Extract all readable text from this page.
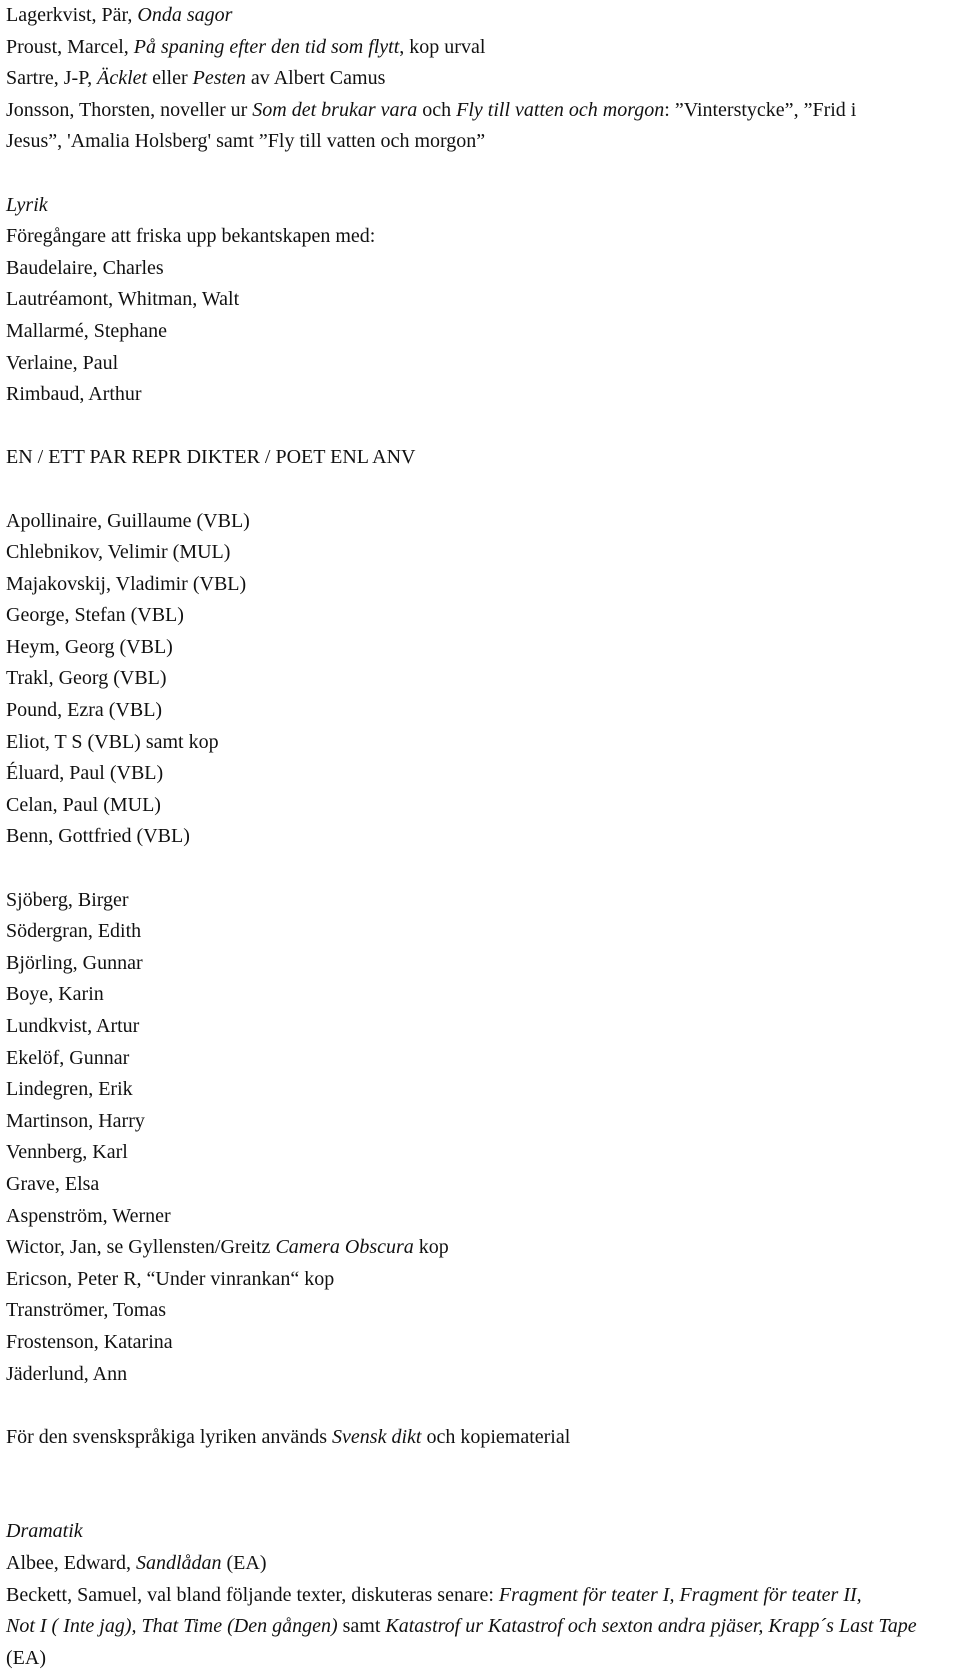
Lagerkvist, Pär, Onda sagor
Proust, Marcel, På spaning efter den tid som flytt, kop urval
Sartre, J-P, Äcklet eller Pesten av Albert Camus
Jonsson, Thorsten, noveller ur Som det brukar vara och Fly till vatten och morgon: ”Vinterstycke”, ”Frid i
Jesus”, 'Amalia Holsberg' samt ”Fly till vatten och morgon”
Lyrik
Föregångare att friska upp bekantskapen med:
Baudelaire, Charles
Lautréamont, Whitman, Walt
Mallarmé, Stephane
Verlaine, Paul
Rimbaud, Arthur
EN / ETT PAR REPR DIKTER / POET ENL ANV
Apollinaire, Guillaume (VBL)
Chlebnikov, Velimir (MUL)
Majakovskij, Vladimir (VBL)
George, Stefan (VBL)
Heym, Georg (VBL)
Trakl, Georg (VBL)
Pound, Ezra (VBL)
Eliot, T S (VBL) samt kop
Éluard, Paul (VBL)
Celan, Paul (MUL)
Benn, Gottfried (VBL)
Sjöberg, Birger
Södergran, Edith
Björling, Gunnar
Boye, Karin
Lundkvist, Artur
Ekelöf, Gunnar
Lindegren, Erik
Martinson, Harry
Vennberg, Karl
Grave, Elsa
Aspenström, Werner
Wictor, Jan, se Gyllensten/Greitz Camera Obscura kop
Ericson, Peter R, “Under vinrankan“ kop
Tranströmer, Tomas
Frostenson, Katarina
Jäderlund, Ann
För den svenskspråkiga lyriken används Svensk dikt och kopiematerial
Dramatik
Albee, Edward, Sandlådan (EA)
Beckett, Samuel, val bland följande texter, diskuteras senare: Fragment för teater I, Fragment för teater II,
Not I ( Inte jag), That Time (Den gången) samt Katastrof ur Katastrof och sexton andra pjäser, Krapp´s Last Tape
(EA)
